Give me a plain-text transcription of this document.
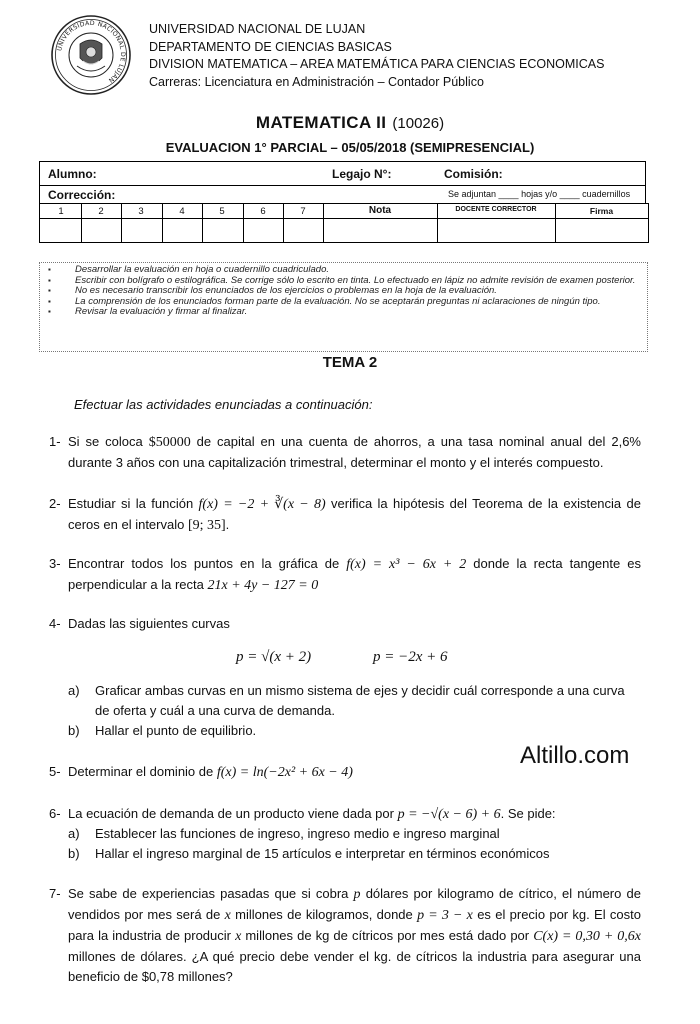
UNIVERSIDAD NACIONAL DE LUJAN
UNIVERSIDAD NACIONAL DE LUJAN
DEPARTAMENTO DE CIENCIAS BASICAS
DIVISION MATEMATICA – AREA MATEMÁTICA PARA CIENCIAS ECONOMICAS
Carreras: Licenciatura en Administración – Contador Público
MATEMATICA II (10026)
EVALUACION 1° PARCIAL – 05/05/2018 (SEMIPRESENCIAL)
Alumno:	Legajo N°:	Comisión:
Corrección:	Se adjuntan ____ hojas y/o ____ cuadernillos
1	2	3	4	5	6	7	Nota	DOCENTE CORRECTOR	Firma
▪ Desarrollar la evaluación en hoja o cuadernillo cuadriculado.
▪ Escribir con bolígrafo o estilográfica. Se corrige sólo lo escrito en tinta. Lo efectuado en lápiz no admite revisión de examen posterior.
▪ No es necesario transcribir los enunciados de los ejercicios o problemas en la hoja de la evaluación.
▪ La comprensión de los enunciados forman parte de la evaluación. No se aceptarán preguntas ni aclaraciones de ningún tipo.
▪ Revisar la evaluación y firmar al finalizar.
TEMA 2
Efectuar las actividades enunciadas a continuación:
1- Si se coloca $50000 de capital en una cuenta de ahorros, a una tasa nominal anual del 2,6% durante 3 años con una capitalización trimestral, determinar el monto y el interés compuesto.
2- Estudiar si la función f(x) = −2 + ∛(x − 8) verifica la hipótesis del Teorema de la existencia de ceros en el intervalo [9; 35].
3- Encontrar todos los puntos en la gráfica de f(x) = x³ − 6x + 2 donde la recta tangente es perpendicular a la recta 21x + 4y − 127 = 0
4- Dadas las siguientes curvas
p = √(x + 2)	p = −2x + 6
a) Graficar ambas curvas en un mismo sistema de ejes y decidir cuál corresponde a una curva de oferta y cuál a una curva de demanda.
b) Hallar el punto de equilibrio.
Altillo.com
5- Determinar el dominio de f(x) = ln(−2x² + 6x − 4)
6- La ecuación de demanda de un producto viene dada por p = −√(x − 6) + 6. Se pide:
a) Establecer las funciones de ingreso, ingreso medio e ingreso marginal
b) Hallar el ingreso marginal de 15 artículos e interpretar en términos económicos
7- Se sabe de experiencias pasadas que si cobra p dólares por kilogramo de cítrico, el número de vendidos por mes será de x millones de kilogramos, donde p = 3 − x es el precio por kg. El costo para la industria de producir x millones de kg de cítricos por mes está dado por C(x) = 0,30 + 0,6x millones de dólares. ¿A qué precio debe vender el kg. de cítricos la industria para asegurar una beneficio de $0,78 millones?
